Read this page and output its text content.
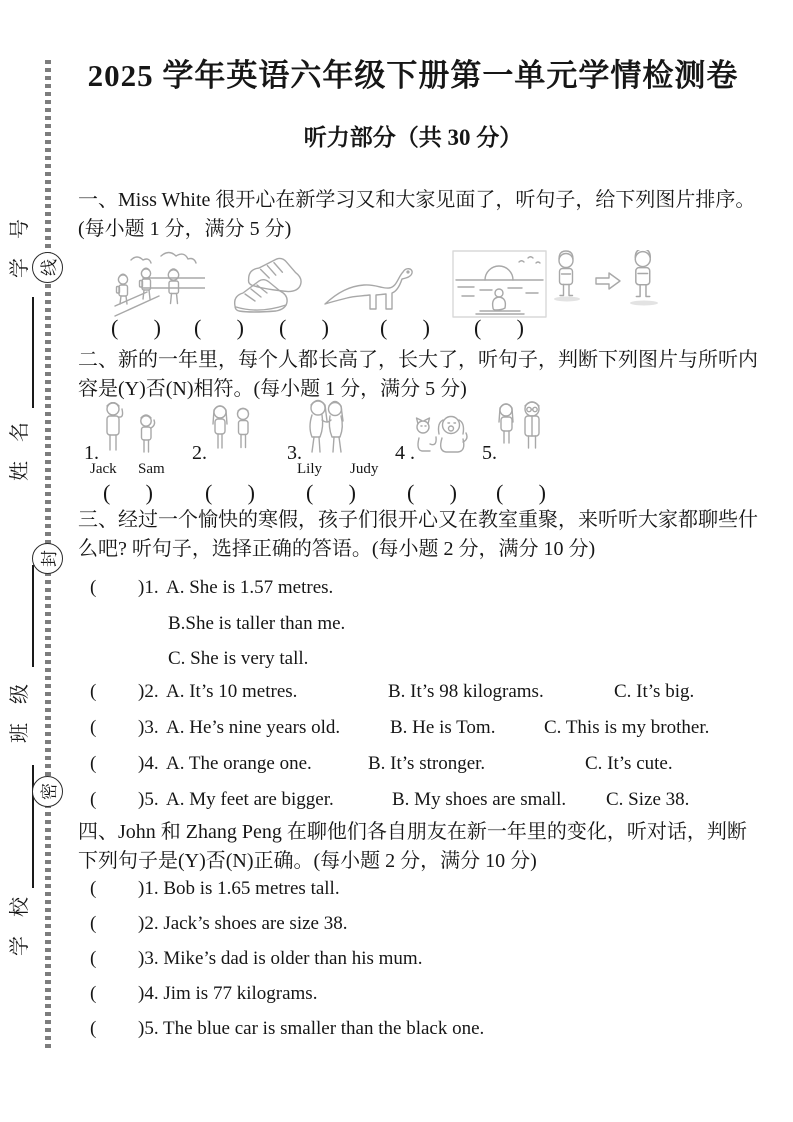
学 号 线
姓 名
封
班 级
密
学 校
2025 学年英语六年级下册第一单元学情检测卷
听力部分（共 30 分）
一、Miss White 很开心在新学习又和大家见面了，听句子，给下列图片排序。(每小题 1 分，满分 5 分)
( ) ( ) ( ) ( ) ( )
二、新的一年里，每个人都长高了，长大了，听句子，判断下列图片与所听内容是(Y)否(N)相符。(每小题 1 分，满分 5 分)
1.
Jack Sam
2.	3.
Lily Judy
4 .	5.
( ) ( ) ( ) ( ) ( )
三、经过一个愉快的寒假，孩子们很开心又在教室重聚，来听听大家都聊些什么吧? 听句子，选择正确的答语。(每小题 2 分，满分 10 分)
( )1. A. She is 1.57 metres.
B.She is taller than me.
C. She is very tall.
( )2. A. It’s 10 metres.	B. It’s 98 kilograms.	C. It’s big.
( )3. A. He’s nine years old.	B. He is Tom.	C. This is my brother.
( )4. A. The orange one.	B. It’s stronger.	C. It’s cute.
( )5. A. My feet are bigger.	B. My shoes are small. C. Size 38.
四、John 和 Zhang Peng 在聊他们各自朋友在新一年里的变化，听对话，判断下列句子是(Y)否(N)正确。(每小题 2 分，满分 10 分)
( )1. Bob is 1.65 metres tall.
( )2. Jack’s shoes are size 38.
( )3. Mike’s dad is older than his mum.
( )4. Jim is 77 kilograms.
( )5. The blue car is smaller than the black one.
